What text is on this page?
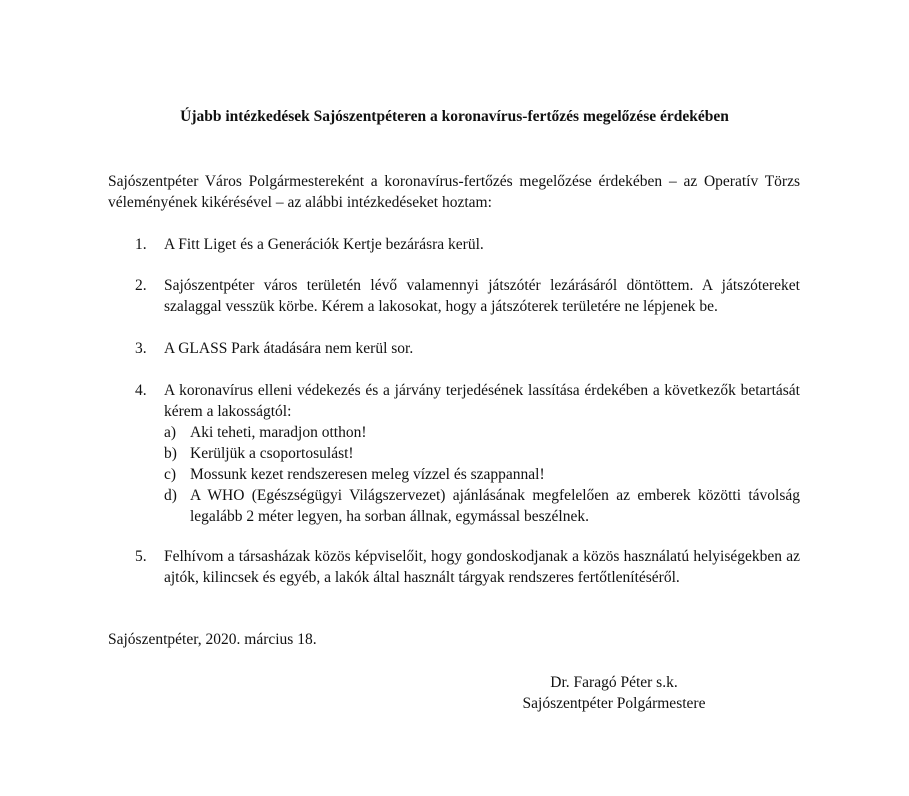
Újabb intézkedések Sajószentpéteren a koronavírus-fertőzés megelőzése érdekében
Sajószentpéter Város Polgármestereként a koronavírus-fertőzés megelőzése érdekében – az Operatív Törzs véleményének kikérésével – az alábbi intézkedéseket hoztam:
1.	A Fitt Liget és a Generációk Kertje bezárásra kerül.
2.	Sajószentpéter város területén lévő valamennyi játszótér lezárásáról döntöttem. A játszótereket szalaggal vesszük körbe. Kérem a lakosokat, hogy a játszóterek területére ne lépjenek be.
3.	A GLASS Park átadására nem kerül sor.
4.	A koronavírus elleni védekezés és a járvány terjedésének lassítása érdekében a következők betartását kérem a lakosságtól:
a) Aki teheti, maradjon otthon!
b) Kerüljük a csoportosulást!
c) Mossunk kezet rendszeresen meleg vízzel és szappannal!
d) A WHO (Egészségügyi Világszervezet) ajánlásának megfelelően az emberek közötti távolság legalább 2 méter legyen, ha sorban állnak, egymással beszélnek.
5.	Felhívom a társasházak közös képviselőit, hogy gondoskodjanak a közös használatú helyiségekben az ajtók, kilincsek és egyéb, a lakók által használt tárgyak rendszeres fertőtlenítéséről.
Sajószentpéter, 2020. március 18.
Dr. Faragó Péter s.k.
Sajószentpéter Polgármestere
